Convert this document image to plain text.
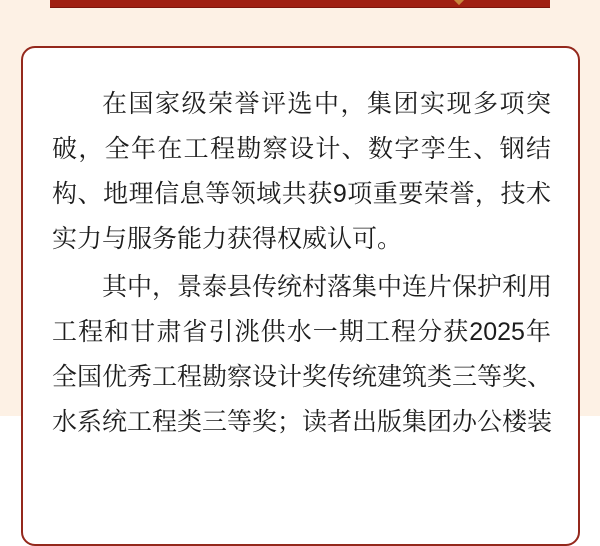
在国家级荣誉评选中，集团实现多项突
破，全年在工程勘察设计、数字孪生、钢结
构、地理信息等领域共获9项重要荣誉，技术
实力与服务能力获得权威认可。
其中，景泰县传统村落集中连片保护利用
工程和甘肃省引洮供水一期工程分获2025年
全国优秀工程勘察设计奖传统建筑类三等奖、
水系统工程类三等奖；读者出版集团办公楼装
